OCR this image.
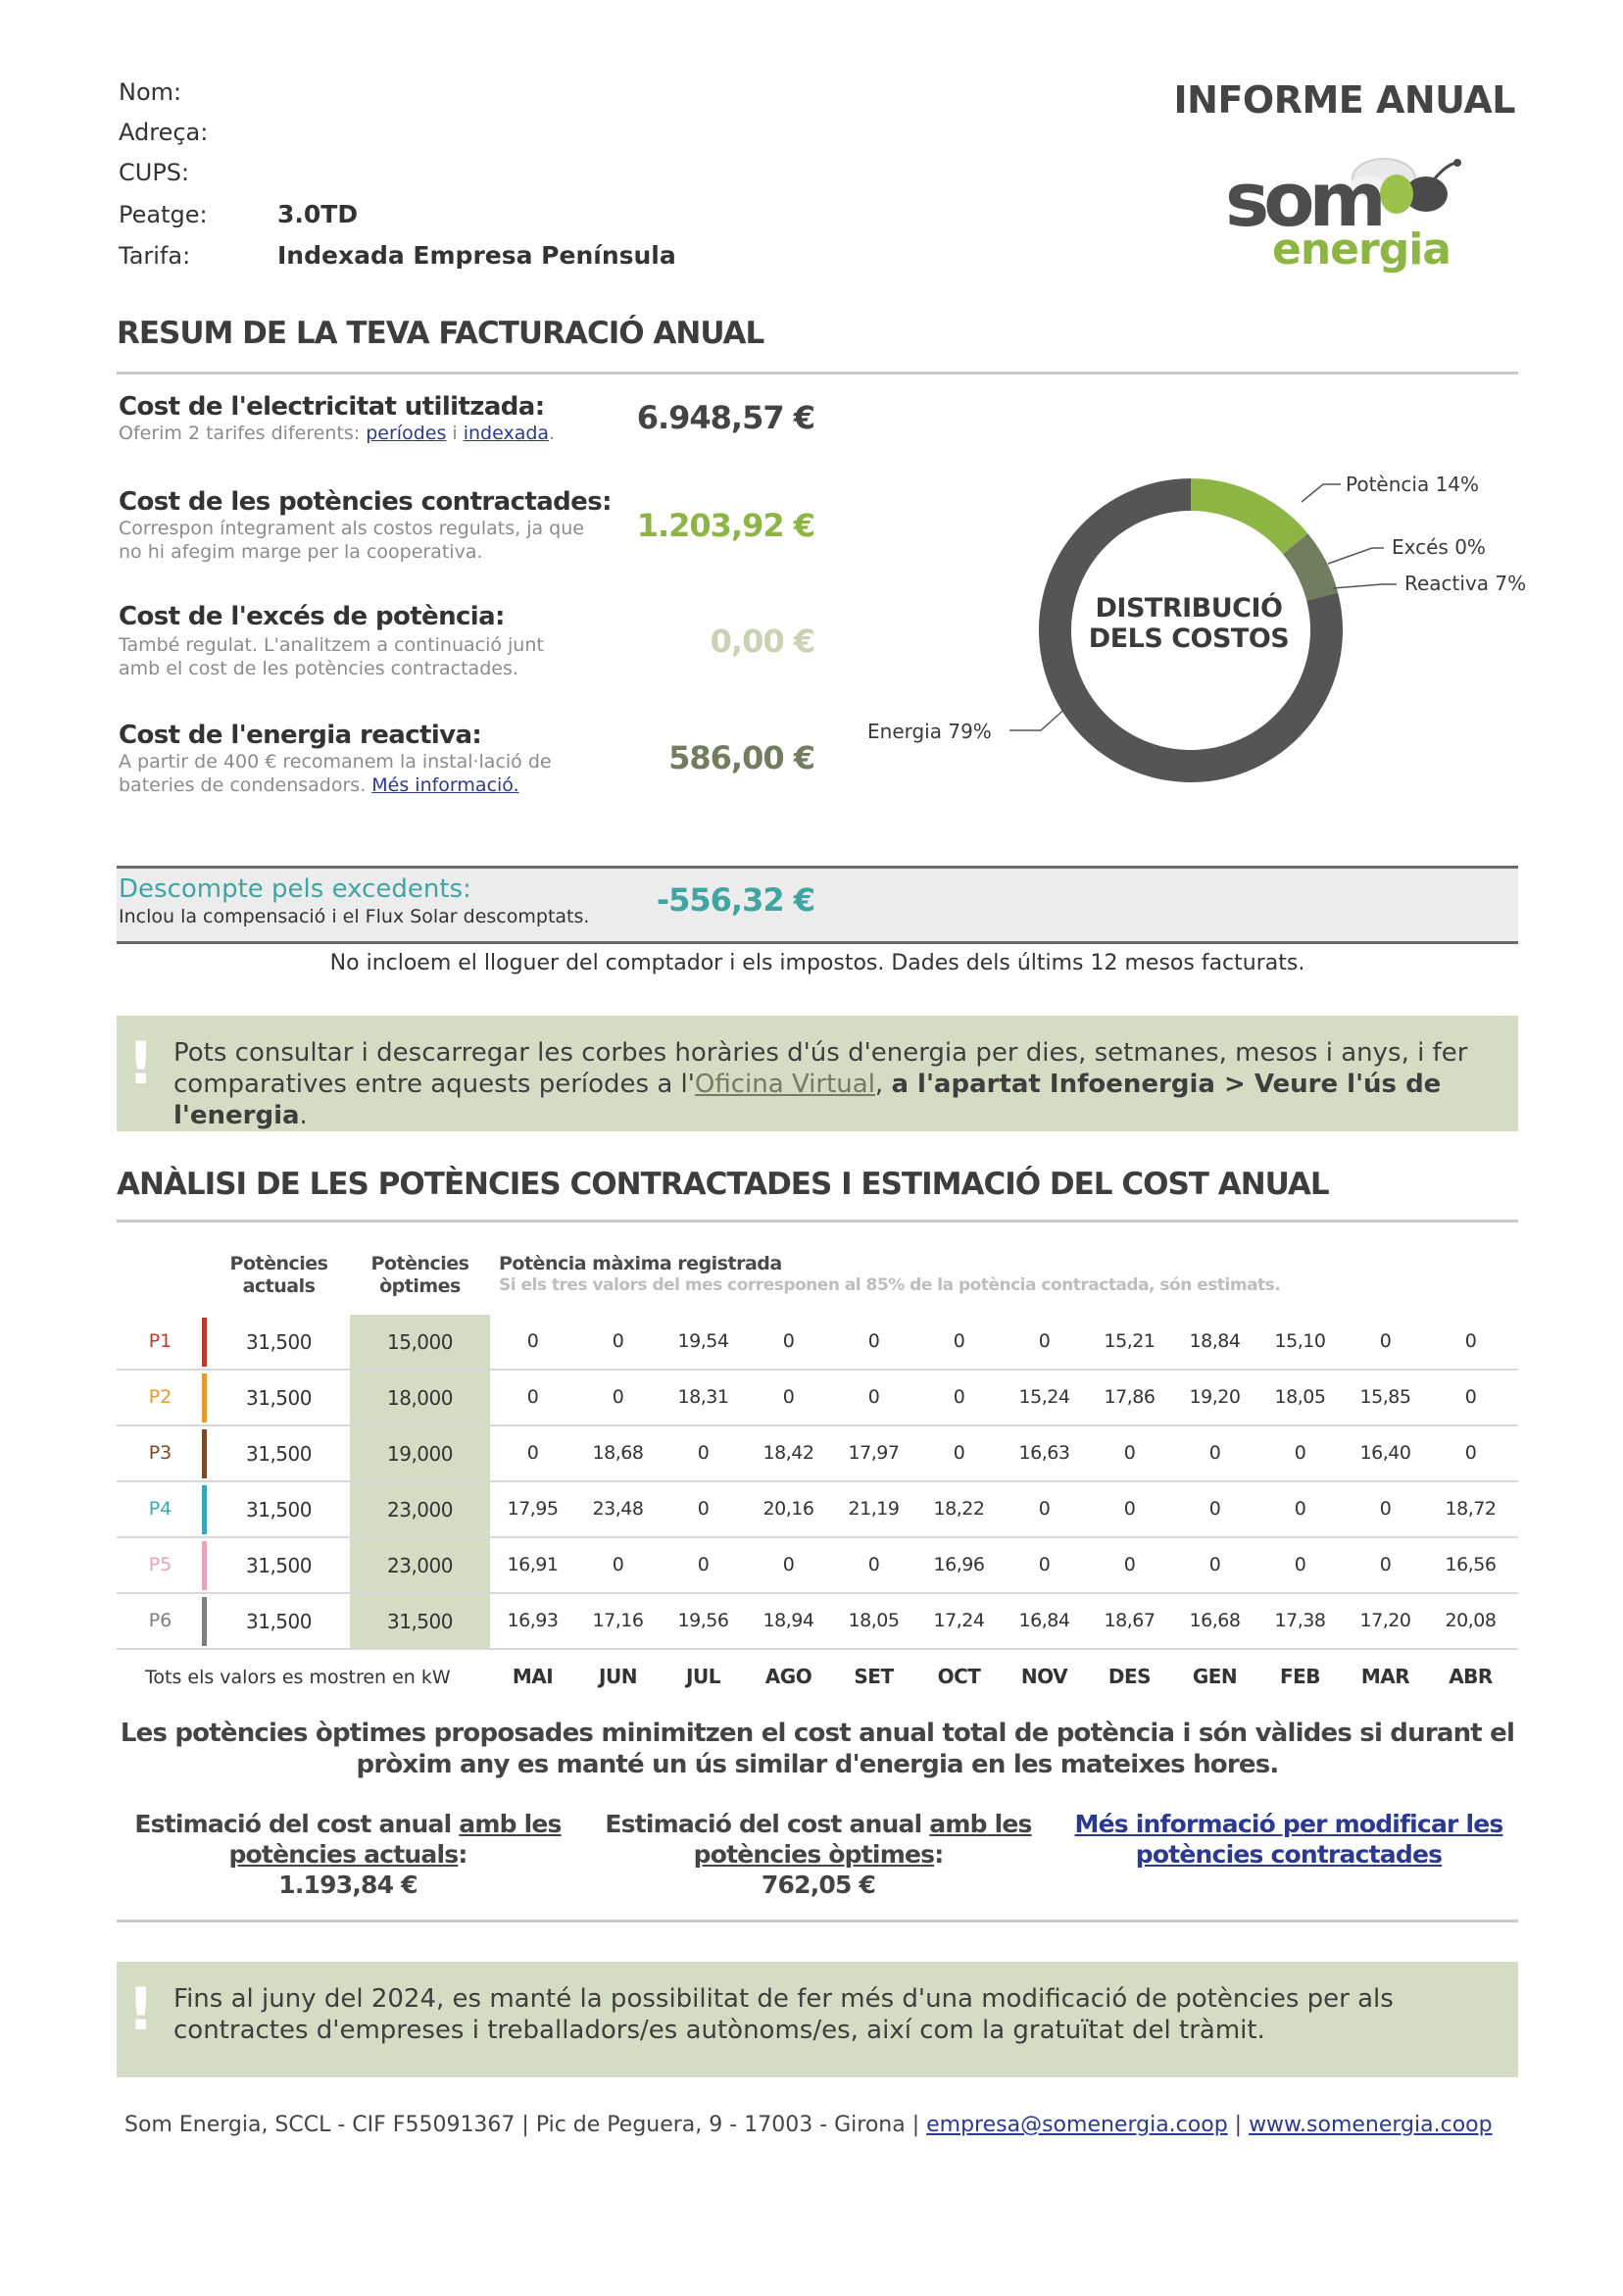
Nom:
Adreça:
CUPS:
Peatge:	3.0TD
Tarifa:	Indexada Empresa Península
INFORME ANUAL
som
energia
RESUM DE LA TEVA FACTURACIÓ ANUAL
Cost de l'electricitat utilitzada:
Oferim 2 tarifes diferents: períodes i indexada.	6.948,57 €
Cost de les potències contractades:
Correspon íntegrament als costos regulats, ja que no hi afegim marge per la cooperativa.
1.203,92 €
Cost de l'excés de potència:
També regulat. L'analitzem a continuació junt amb el cost de les potències contractades.
0,00 €
Cost de l'energia reactiva:
A partir de 400 € recomanem la instal·lació de bateries de condensadors. Més informació.
586,00 €
DISTRIBUCIÓ DELS COSTOS
Potència 14%
Excés 0%
Reactiva 7%
Energia 79%
Descompte pels excedents:
Inclou la compensació i el Flux Solar descomptats. -556,32 €
No incloem el lloguer del comptador i els impostos. Dades dels últims 12 mesos facturats.
! Pots consultar i descarregar les corbes horàries d'ús d'energia per dies, setmanes, mesos i anys, i fer comparatives entre aquests períodes a l'Oficina Virtual, a l'apartat Infoenergia > Veure l'ús de l'energia.
ANÀLISI DE LES POTÈNCIES CONTRACTADES I ESTIMACIÓ DEL COST ANUAL
Potències actuals
Potències òptimes
Potència màxima registrada
Si els tres valors del mes corresponen al 85% de la potència contractada, són estimats.
P1	31,500	15,000	0	0	19,54	0	0	0	0	15,21	18,84	15,10	0	0
P2	31,500	18,000	0	0	18,31	0	0	0	15,24	17,86	19,20	18,05	15,85	0
P3	31,500	19,000	0	18,68	0	18,42	17,97	0	16,63	0	0	0	16,40	0
P4	31,500	23,000	17,95	23,48	0	20,16	21,19	18,22	0	0	0	0	0	18,72
P5	31,500	23,000	16,91	0	0	0	0	16,96	0	0	0	0	0	16,56
P6	31,500	31,500	16,93	17,16	19,56	18,94	18,05	17,24	16,84	18,67	16,68	17,38	17,20	20,08
Tots els valors es mostren en kW	MAI	JUN	JUL	AGO	SET	OCT	NOV	DES	GEN	FEB	MAR	ABR
Les potències òptimes proposades minimitzen el cost anual total de potència i són vàlides si durant el pròxim any es manté un ús similar d'energia en les mateixes hores.
Estimació del cost anual amb les potències actuals:
1.193,84 €
Estimació del cost anual amb les potències òptimes:
762,05 €
Més informació per modificar les potències contractades
! Fins al juny del 2024, es manté la possibilitat de fer més d'una modificació de potències per als contractes d'empreses i treballadors/es autònoms/es, així com la gratuïtat del tràmit.
Som Energia, SCCL - CIF F55091367 | Pic de Peguera, 9 - 17003 - Girona | empresa@somenergia.coop | www.somenergia.coop
